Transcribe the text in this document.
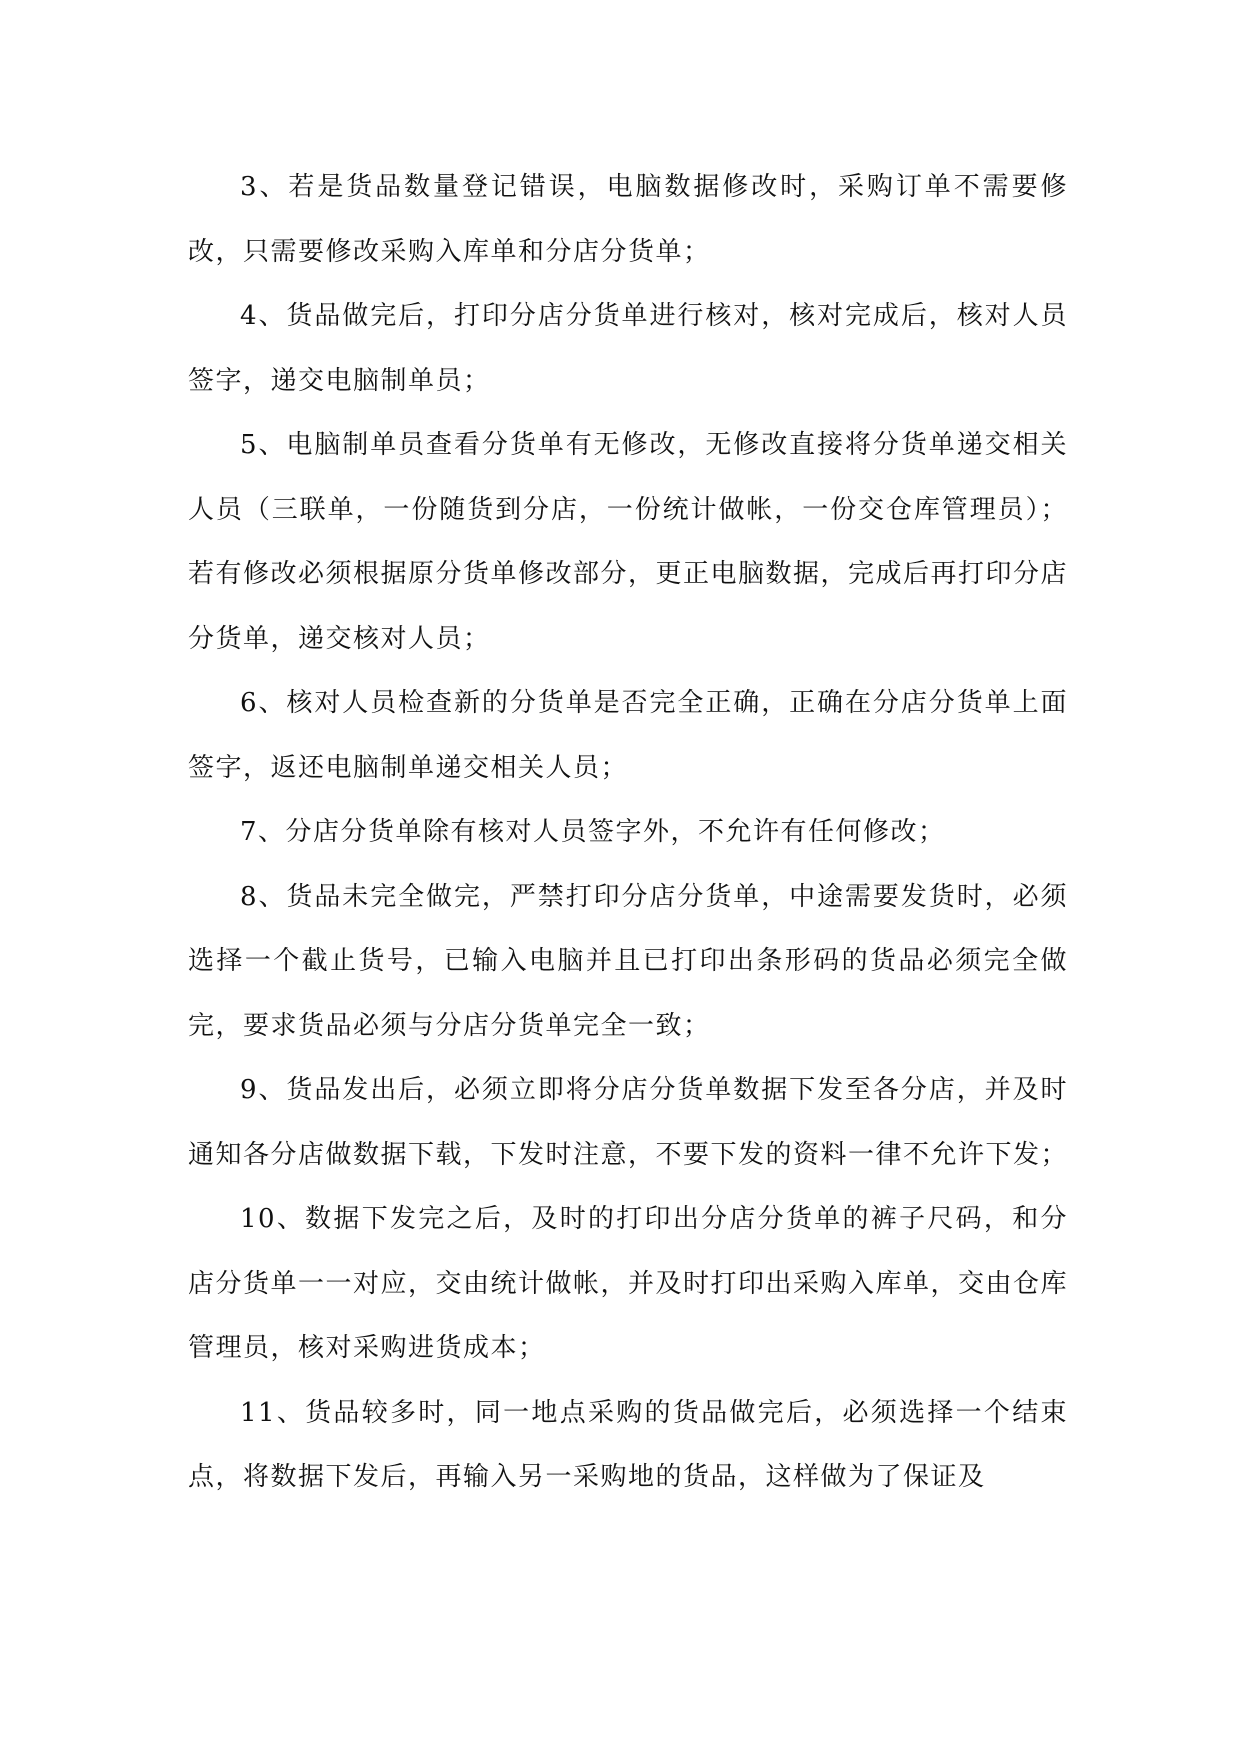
3、若是货品数量登记错误，电脑数据修改时，采购订单不需要修改，只需要修改采购入库单和分店分货单；

4、货品做完后，打印分店分货单进行核对，核对完成后，核对人员签字，递交电脑制单员；

5、电脑制单员查看分货单有无修改，无修改直接将分货单递交相关人员（三联单，一份随货到分店，一份统计做帐，一份交仓库管理员）；若有修改必须根据原分货单修改部分，更正电脑数据，完成后再打印分店分货单，递交核对人员；

6、核对人员检查新的分货单是否完全正确，正确在分店分货单上面签字，返还电脑制单递交相关人员；

7、分店分货单除有核对人员签字外，不允许有任何修改；

8、货品未完全做完，严禁打印分店分货单，中途需要发货时，必须选择一个截止货号，已输入电脑并且已打印出条形码的货品必须完全做完，要求货品必须与分店分货单完全一致；

9、货品发出后，必须立即将分店分货单数据下发至各分店，并及时通知各分店做数据下载，下发时注意，不要下发的资料一律不允许下发；

10、数据下发完之后，及时的打印出分店分货单的裤子尺码，和分店分货单一一对应，交由统计做帐，并及时打印出采购入库单，交由仓库管理员，核对采购进货成本；

11、货品较多时，同一地点采购的货品做完后，必须选择一个结束点，将数据下发后，再输入另一采购地的货品，这样做为了保证及
